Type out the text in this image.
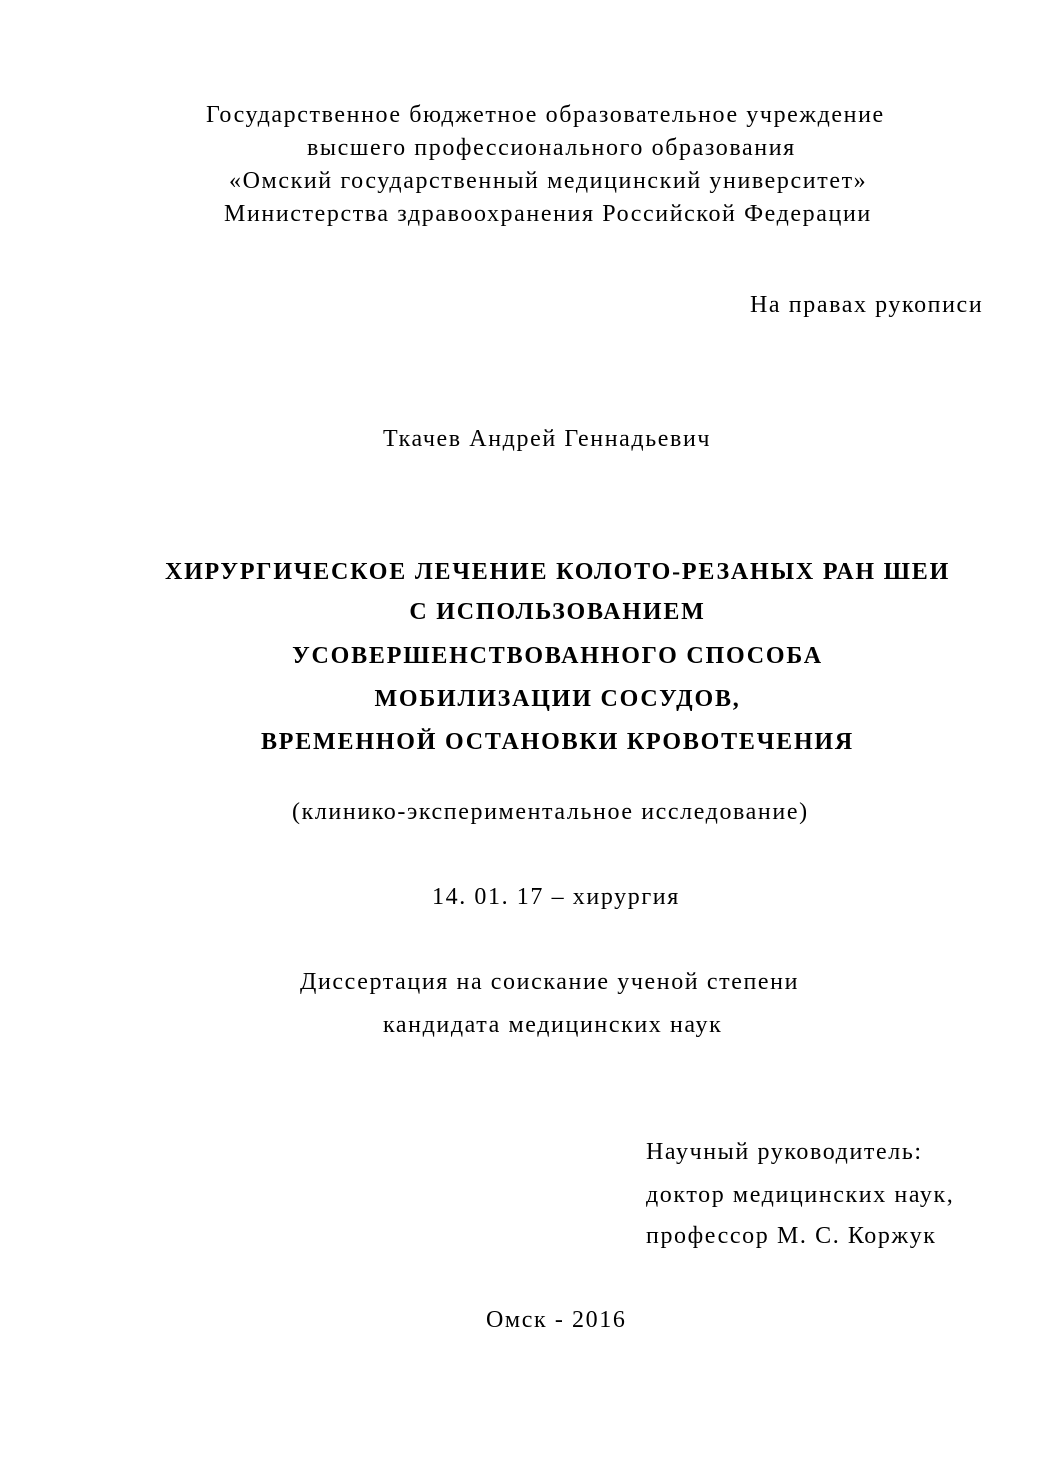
Государственное бюджетное образовательное учреждение
высшего профессионального образования
«Омский государственный медицинский университет»
Министерства здравоохранения Российской Федерации
На правах рукописи
Ткачев Андрей Геннадьевич
ХИРУРГИЧЕСКОЕ ЛЕЧЕНИЕ КОЛОТО-РЕЗАНЫХ РАН ШЕИ
С ИСПОЛЬЗОВАНИЕМ
УСОВЕРШЕНСТВОВАННОГО СПОСОБА
МОБИЛИЗАЦИИ СОСУДОВ,
ВРЕМЕННОЙ ОСТАНОВКИ КРОВОТЕЧЕНИЯ
(клинико-экспериментальное исследование)
14. 01. 17 – хирургия
Диссертация на соискание ученой степени
кандидата медицинских наук
Научный руководитель:
доктор медицинских наук,
профессор М. С. Коржук
Омск - 2016
